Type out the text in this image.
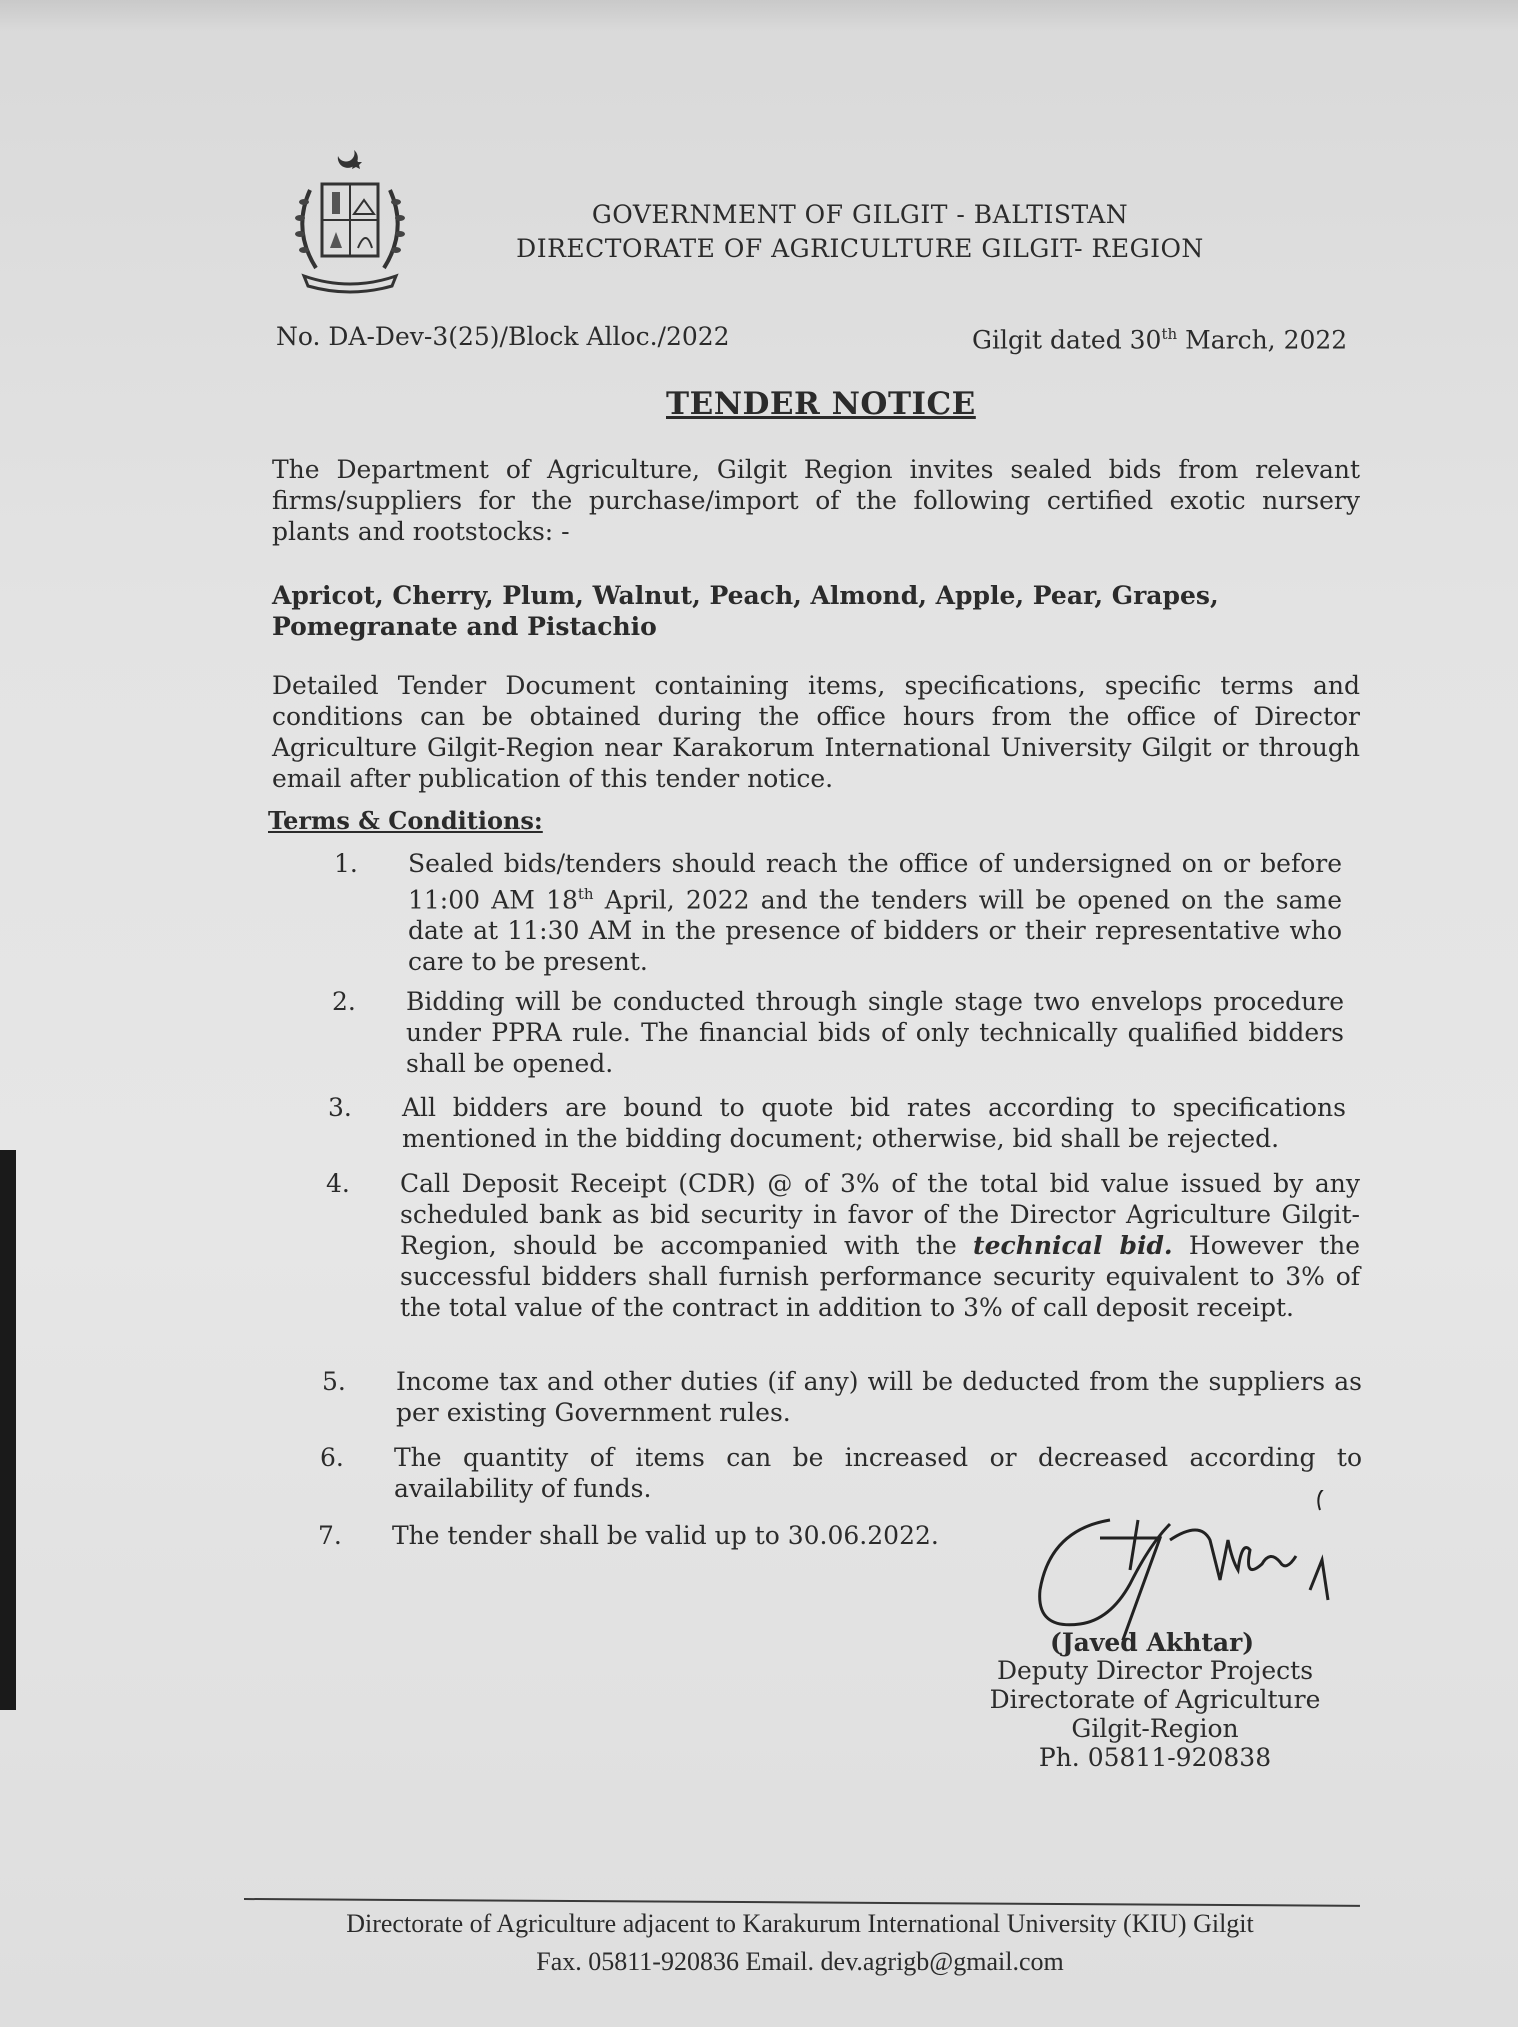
GOVERNMENT OF GILGIT - BALTISTAN
DIRECTORATE OF AGRICULTURE GILGIT- REGION
No. DA-Dev-3(25)/Block Alloc./2022	Gilgit dated 30th March, 2022
TENDER NOTICE
The Department of Agriculture, Gilgit Region invites sealed bids from relevant firms/suppliers for the purchase/import of the following certified exotic nursery plants and rootstocks: -
Apricot, Cherry, Plum, Walnut, Peach, Almond, Apple, Pear, Grapes,
Pomegranate and Pistachio
Detailed Tender Document containing items, specifications, specific terms and conditions can be obtained during the office hours from the office of Director Agriculture Gilgit-Region near Karakorum International University Gilgit or through email after publication of this tender notice.
Terms & Conditions:
1.	Sealed bids/tenders should reach the office of undersigned on or before 11:00 AM 18th April, 2022 and the tenders will be opened on the same date at 11:30 AM in the presence of bidders or their representative who care to be present.
2.	Bidding will be conducted through single stage two envelops procedure under PPRA rule. The financial bids of only technically qualified bidders shall be opened.
3.	All bidders are bound to quote bid rates according to specifications mentioned in the bidding document; otherwise, bid shall be rejected.
4.	Call Deposit Receipt (CDR) @ of 3% of the total bid value issued by any scheduled bank as bid security in favor of the Director Agriculture Gilgit-Region, should be accompanied with the technical bid. However the successful bidders shall furnish performance security equivalent to 3% of the total value of the contract in addition to 3% of call deposit receipt.
5.	Income tax and other duties (if any) will be deducted from the suppliers as per existing Government rules.
6.	The quantity of items can be increased or decreased according to availability of funds.
7.	The tender shall be valid up to 30.06.2022.
(Javed Akhtar)
Deputy Director Projects
Directorate of Agriculture
Gilgit-Region
Ph. 05811-920838
Directorate of Agriculture adjacent to Karakurum International University (KIU) Gilgit
Fax. 05811-920836 Email. dev.agrigb@gmail.com
